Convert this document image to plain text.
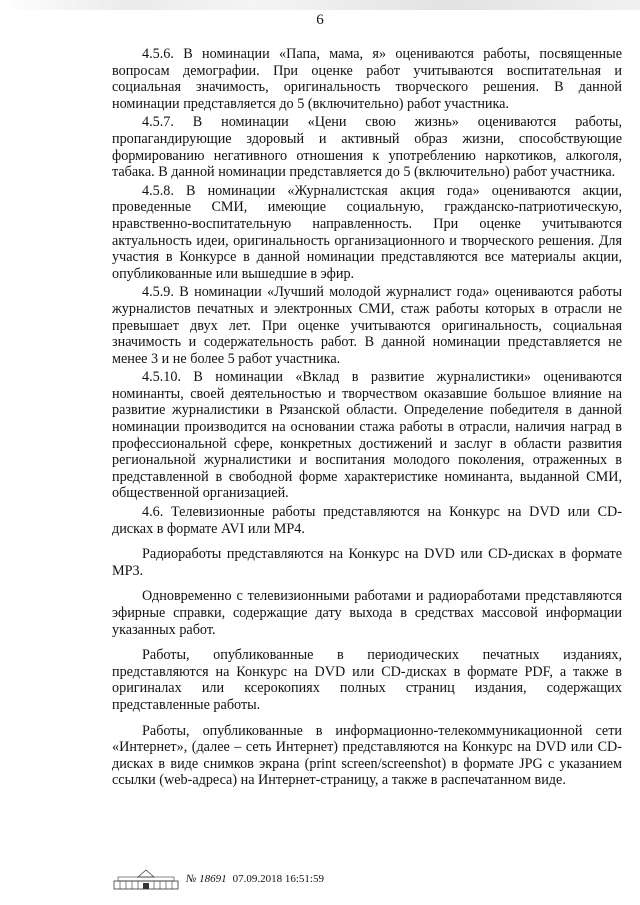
6

4.5.6. В номинации «Папа, мама, я» оцениваются работы, посвященные вопросам демографии. При оценке работ учитываются воспитательная и социальная значимость, оригинальность творческого решения. В данной номинации представляется до 5 (включительно) работ участника.

4.5.7. В номинации «Цени свою жизнь» оцениваются работы, пропагандирующие здоровый и активный образ жизни, способствующие формированию негативного отношения к употреблению наркотиков, алкоголя, табака. В данной номинации представляется до 5 (включительно) работ участника.

4.5.8. В номинации «Журналистская акция года» оцениваются акции, проведенные СМИ, имеющие социальную, гражданско-патриотическую, нравственно-воспитательную направленность. При оценке учитываются актуальность идеи, оригинальность организационного и творческого решения. Для участия в Конкурсе в данной номинации представляются все материалы акции, опубликованные или вышедшие в эфир.

4.5.9. В номинации «Лучший молодой журналист года» оцениваются работы журналистов печатных и электронных СМИ, стаж работы которых в отрасли не превышает двух лет. При оценке учитываются оригинальность, социальная значимость и содержательность работ. В данной номинации представляется не менее 3 и не более 5 работ участника.

4.5.10. В номинации «Вклад в развитие журналистики» оцениваются номинанты, своей деятельностью и творчеством оказавшие большое влияние на развитие журналистики в Рязанской области. Определение победителя в данной номинации производится на основании стажа работы в отрасли, наличия наград в профессиональной сфере, конкретных достижений и заслуг в области развития региональной журналистики и воспитания молодого поколения, отраженных в представленной в свободной форме характеристике номинанта, выданной СМИ, общественной организацией.

4.6. Телевизионные работы представляются на Конкурс на DVD или CD-дисках в формате AVI или MP4.

Радиоработы представляются на Конкурс на DVD или CD-дисках в формате MP3.

Одновременно с телевизионными работами и радиоработами представляются эфирные справки, содержащие дату выхода в средствах массовой информации указанных работ.

Работы, опубликованные в периодических печатных изданиях, представляются на Конкурс на DVD или CD-дисках в формате PDF, а также в оригиналах или ксерокопиях полных страниц издания, содержащих представленные работы.

Работы, опубликованные в информационно-телекоммуникационной сети «Интернет», (далее – сеть Интернет) представляются на Конкурс на DVD или CD-дисках в виде снимков экрана (print screen/screenshot) в формате JPG с указанием ссылки (web-адреса) на Интернет-страницу, а также в распечатанном виде.

№ 18691 07.09.2018 16:51:59
